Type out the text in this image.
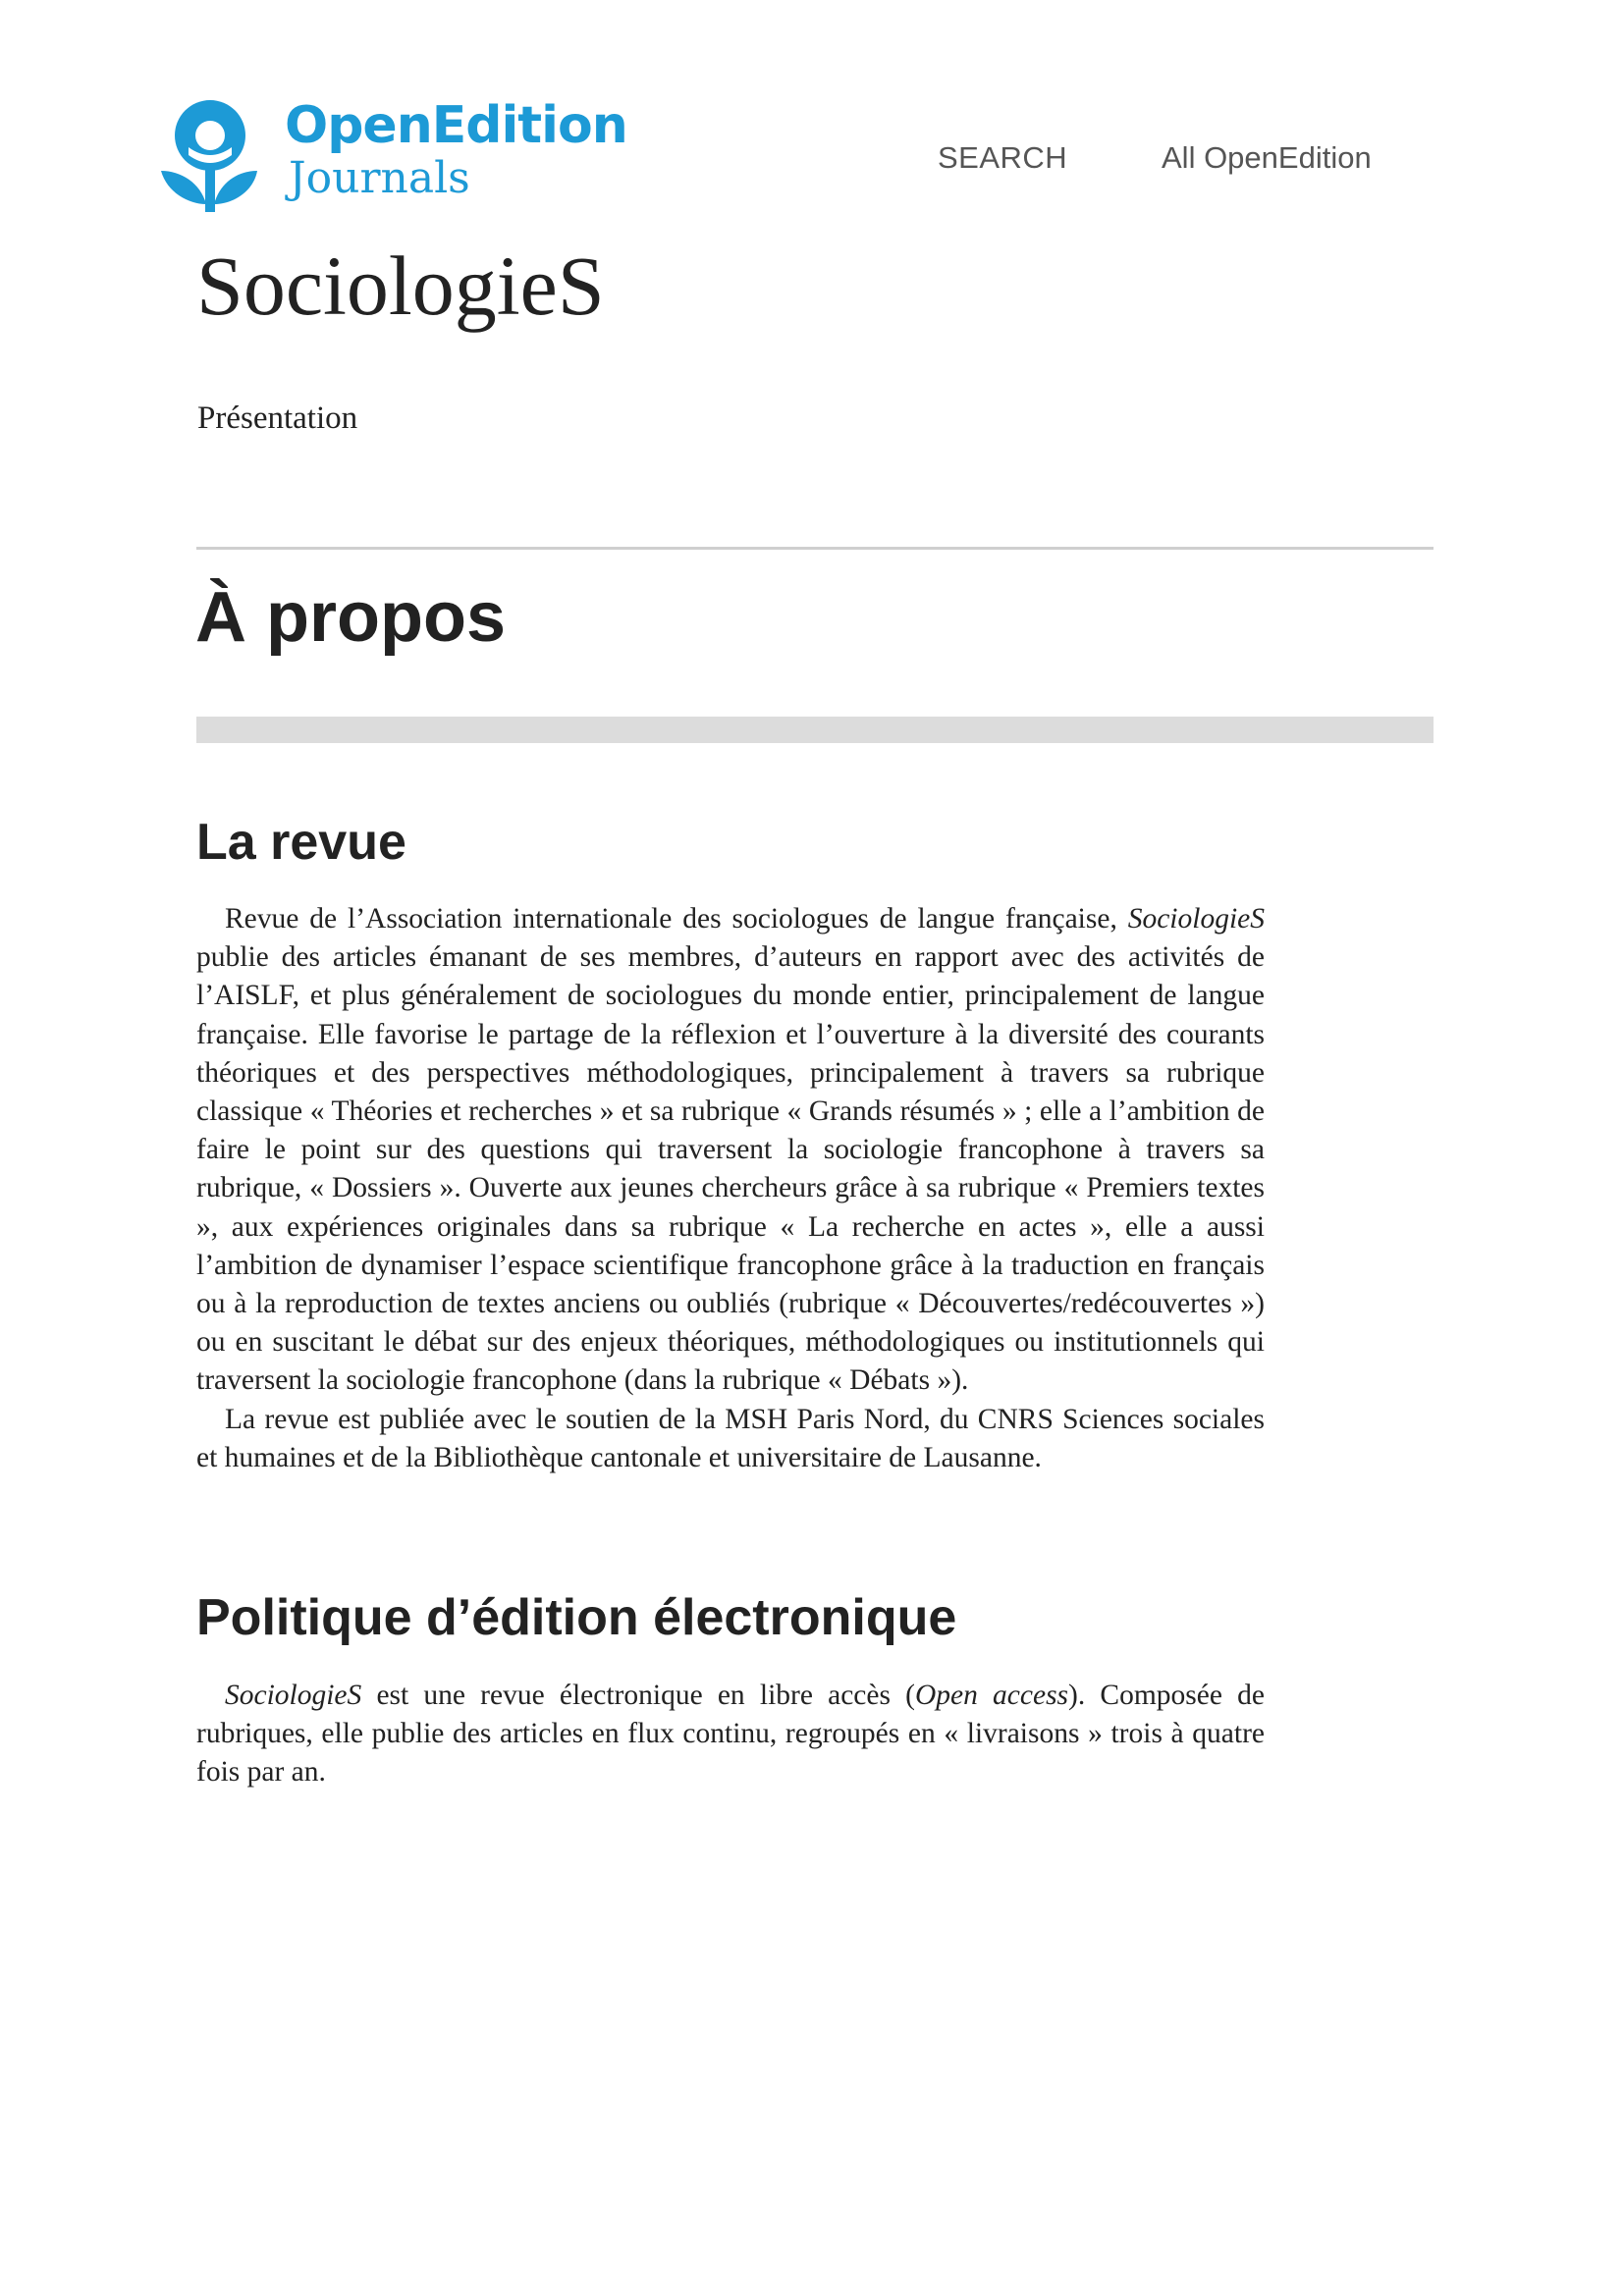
OpenEdition
Journals	SEARCH	All OpenEdition
SociologieS
Présentation
À propos
La revue

Revue de l’Association internationale des sociologues de langue française, SociologieS publie des articles émanant de ses membres, d’auteurs en rapport avec des activités de l’AISLF, et plus généralement de sociologues du monde entier, principalement de langue française. Elle favorise le partage de la réflexion et l’ouverture à la diversité des courants théoriques et des perspectives méthodologiques, principalement à travers sa rubrique classique « Théories et recherches » et sa rubrique « Grands résumés » ; elle a l’ambition de faire le point sur des questions qui traversent la sociologie francophone à travers sa rubrique, « Dossiers ». Ouverte aux jeunes chercheurs grâce à sa rubrique « Premiers textes », aux expériences originales dans sa rubrique « La recherche en actes », elle a aussi l’ambition de dynamiser l’espace scientifique francophone grâce à la traduction en français ou à la reproduction de textes anciens ou oubliés (rubrique « Découvertes/redécouvertes ») ou en suscitant le débat sur des enjeux théoriques, méthodologiques ou institutionnels qui traversent la sociologie francophone (dans la rubrique « Débats »).

La revue est publiée avec le soutien de la MSH Paris Nord, du CNRS Sciences sociales et humaines et de la Bibliothèque cantonale et universitaire de Lausanne.

Politique d’édition électronique

SociologieS est une revue électronique en libre accès (Open access). Composée de rubriques, elle publie des articles en flux continu, regroupés en « livraisons » trois à quatre fois par an.
